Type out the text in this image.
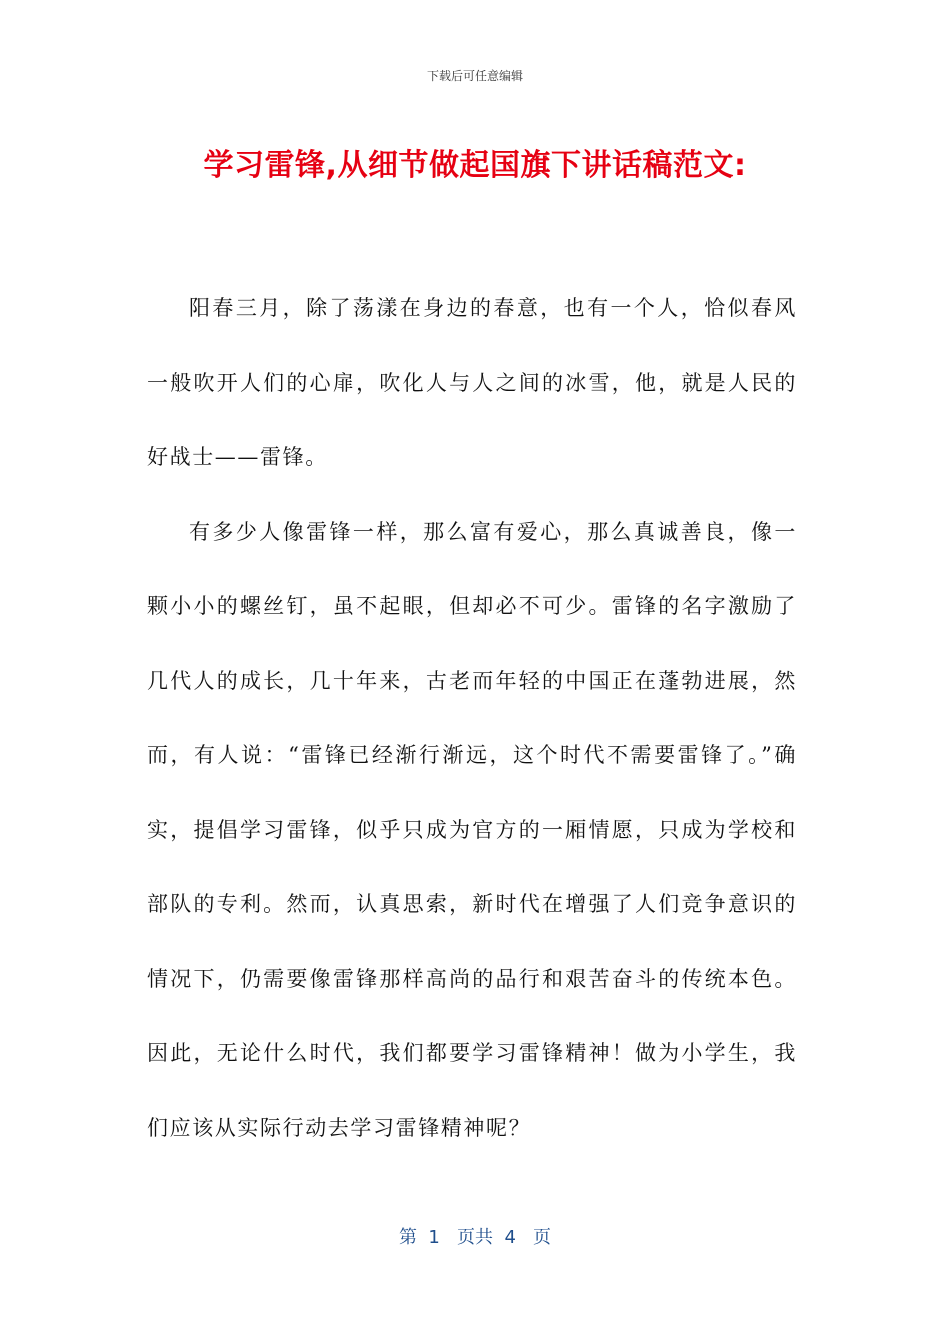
下载后可任意编辑
学习雷锋,从细节做起国旗下讲话稿范文:

阳春三月，除了荡漾在身边的春意，也有一个人，恰似春风一般吹开人们的心扉，吹化人与人之间的冰雪，他，就是人民的好战士——雷锋。

有多少人像雷锋一样，那么富有爱心，那么真诚善良，像一颗小小的螺丝钉，虽不起眼，但却必不可少。雷锋的名字激励了几代人的成长，几十年来，古老而年轻的中国正在蓬勃进展，然而，有人说：“雷锋已经渐行渐远，这个时代不需要雷锋了。”确实，提倡学习雷锋，似乎只成为官方的一厢情愿，只成为学校和部队的专利。然而，认真思索，新时代在增强了人们竞争意识的情况下，仍需要像雷锋那样高尚的品行和艰苦奋斗的传统本色。因此，无论什么时代，我们都要学习雷锋精神！做为小学生，我们应该从实际行动去学习雷锋精神呢？

第  1   页共  4   页
